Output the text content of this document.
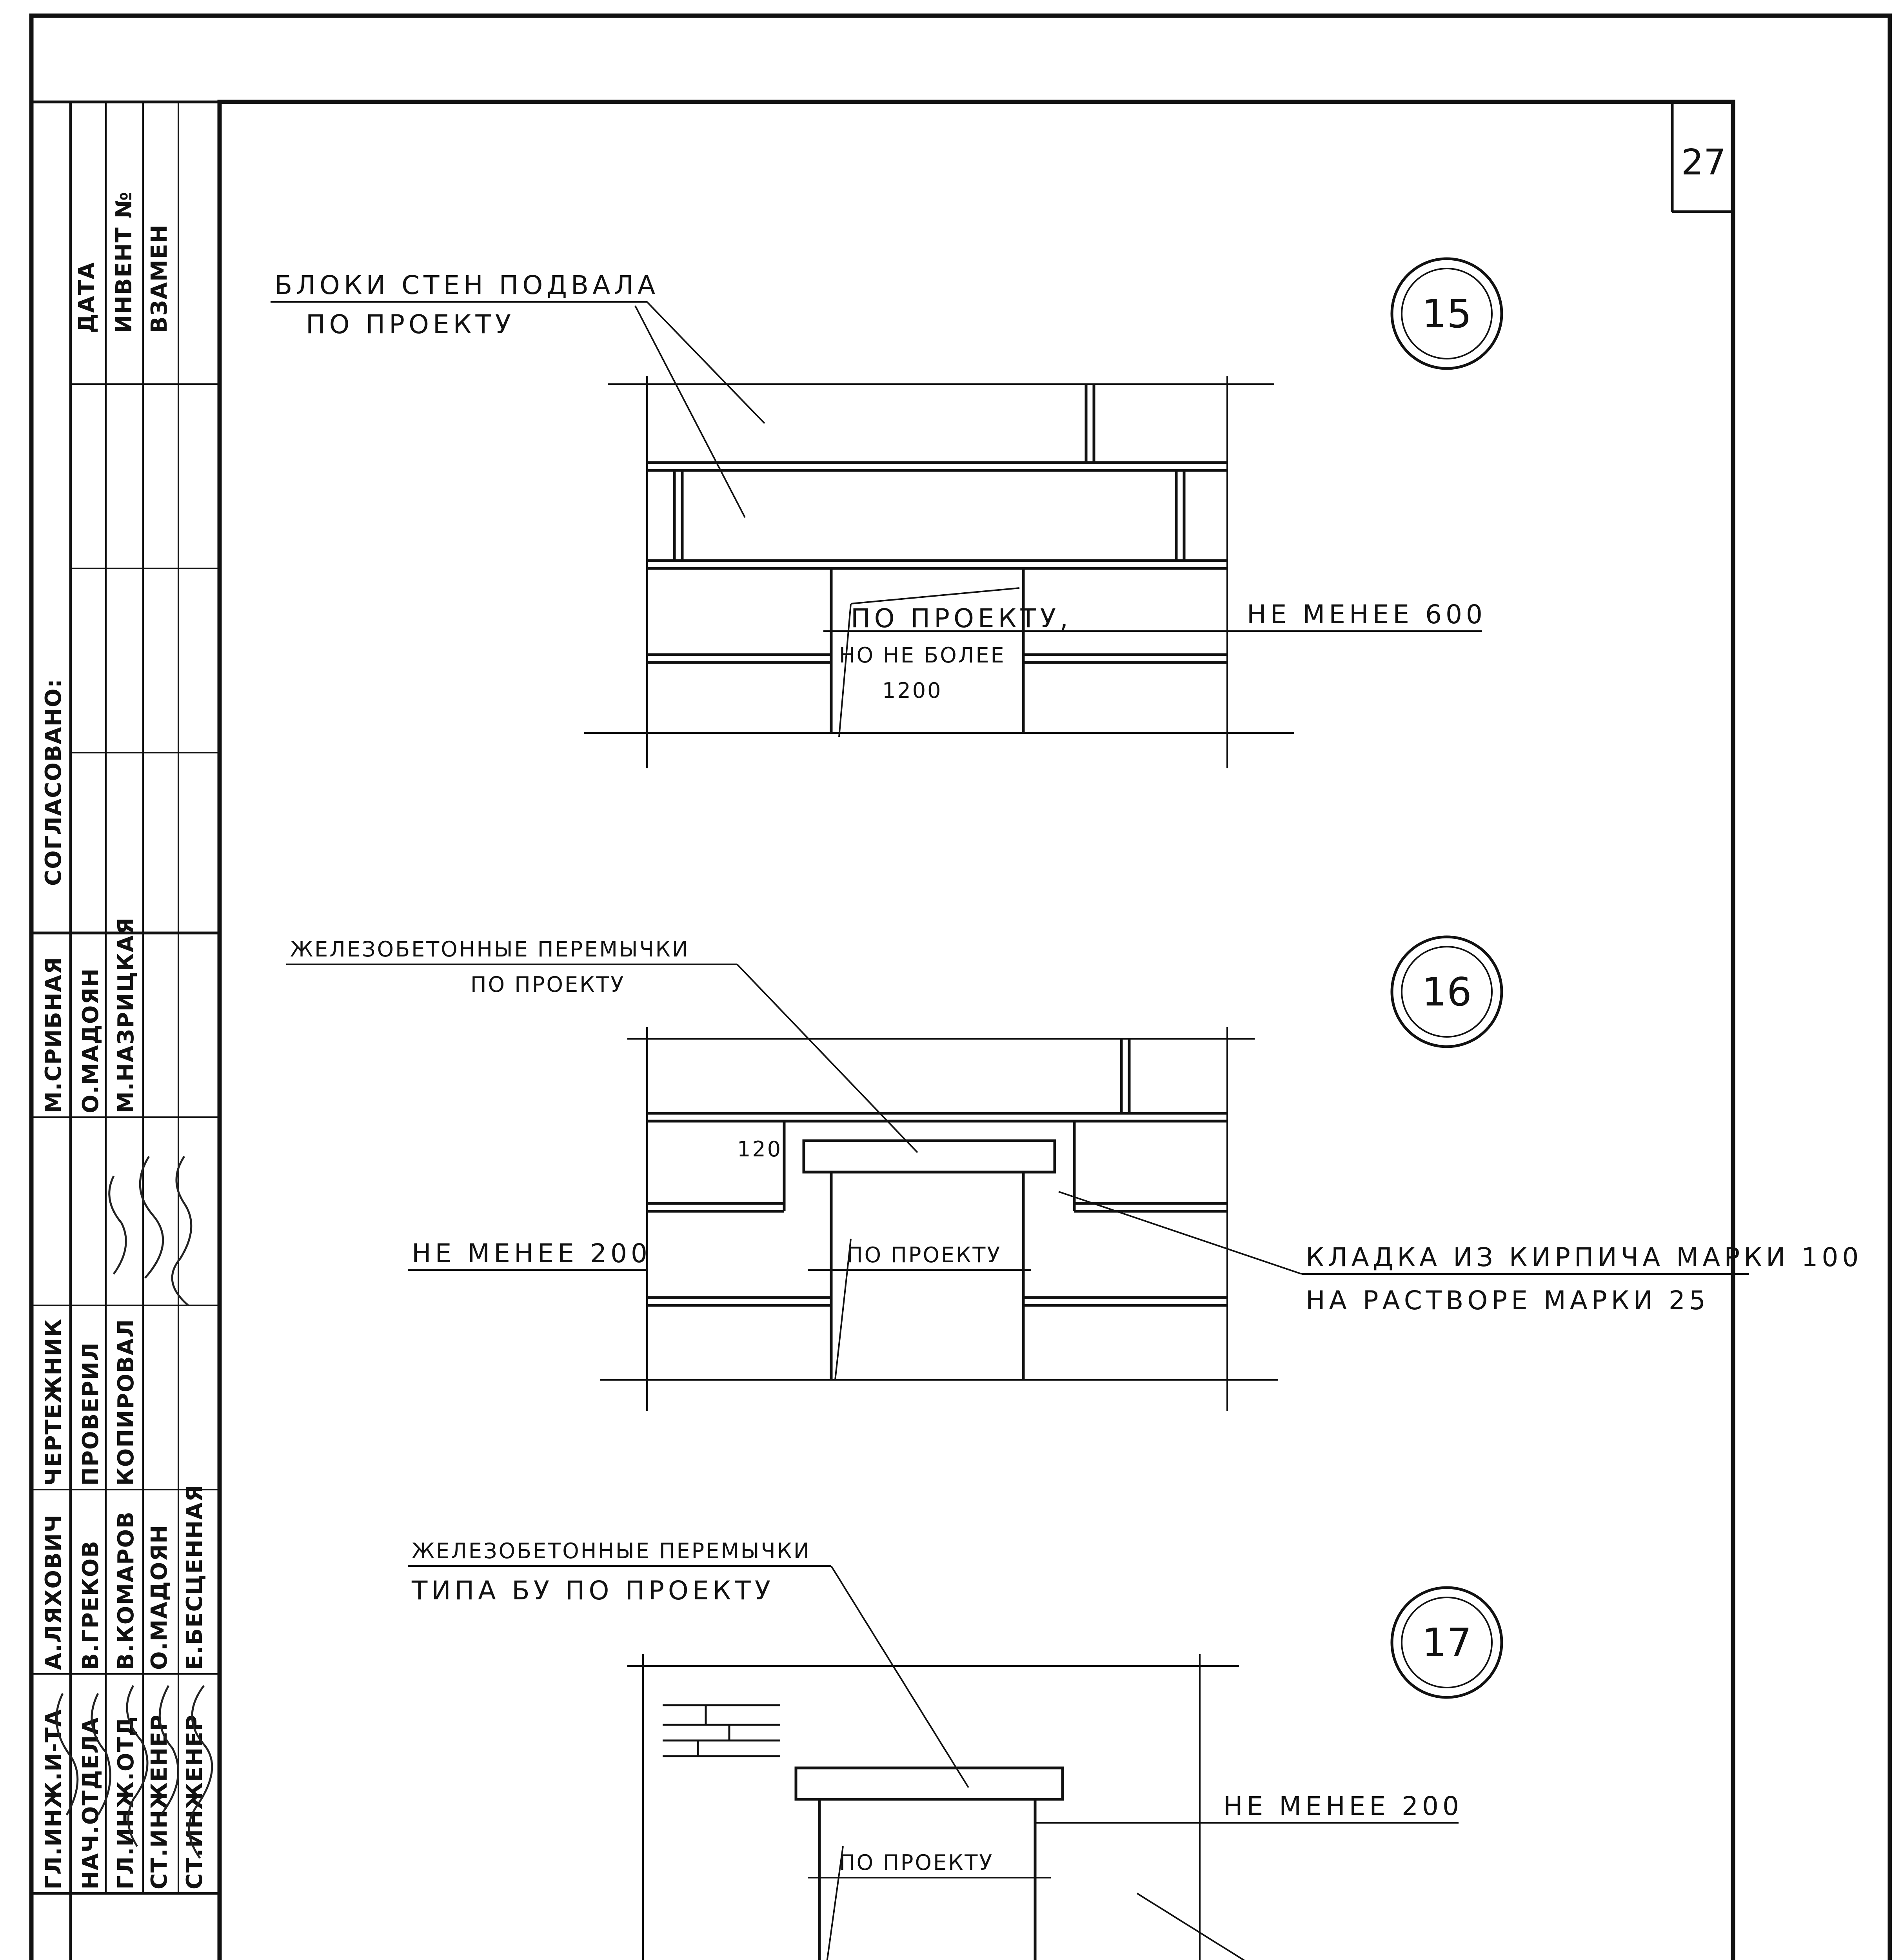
27
ДАТА ИНВЕНТ № ВЗАМЕН
СОГЛАСОВАНО:
М.СРИБНАЯ О.МАДОЯН М.НАЗРИЦКАЯ
ЧЕРТЕЖНИК ПРОВЕРИЛ КОПИРОВАЛ
А.ЛЯХОВИЧ В.ГРЕКОВ В.КОМАРОВ О.МАДОЯН Е.БЕСЦЕННАЯ
ГЛ.ИНЖ.И-ТА НАЧ.ОТДЕЛА ГЛ.ИНЖ.ОТД СТ.ИНЖЕНЕР СТ.ИНЖЕНЕР
15
БЛОКИ СТЕН ПОДВАЛА
ПО ПРОЕКТУ
ПО ПРОЕКТУ,
НО НЕ БОЛЕЕ
1200
НЕ МЕНЕЕ 600
16
ЖЕЛЕЗОБЕТОННЫЕ ПЕРЕМЫЧКИ
ПО ПРОЕКТУ
120
НЕ МЕНЕЕ 200	ПО ПРОЕКТУ	КЛАДКА ИЗ КИРПИЧА МАРКИ 100
НА РАСТВОРЕ МАРКИ 25
17
ЖЕЛЕЗОБЕТОННЫЕ ПЕРЕМЫЧКИ
ТИПА БУ ПО ПРОЕКТУ
НЕ МЕНЕЕ 200
ПО ПРОЕКТУ
